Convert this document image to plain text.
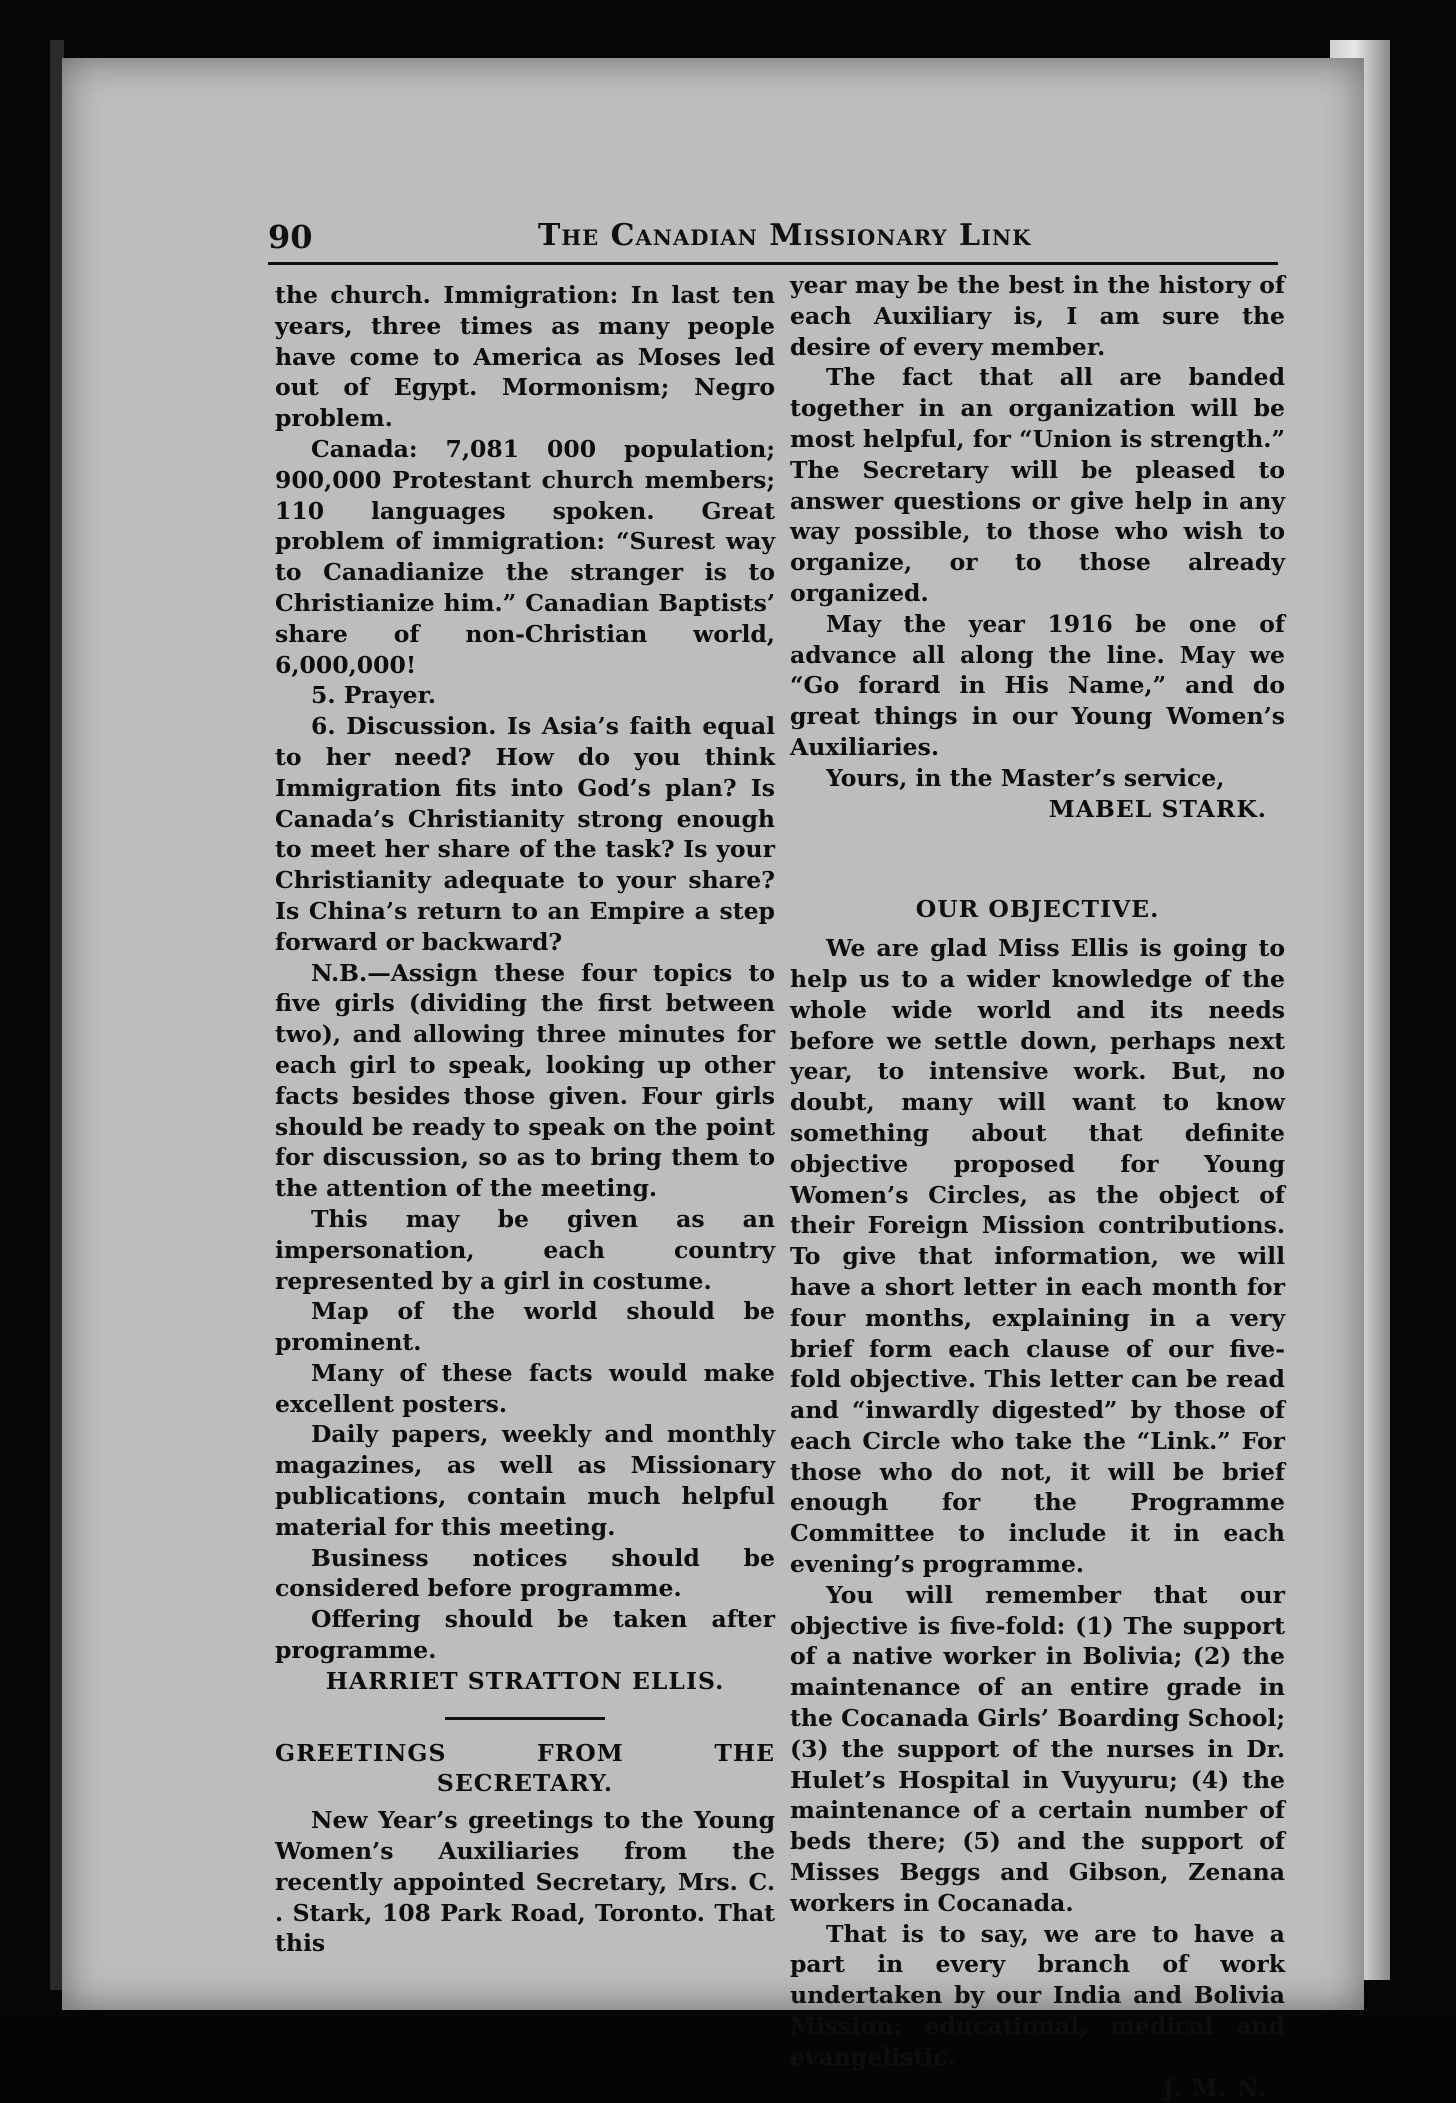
90	The Canadian Missionary Link

the church. Immigration: In last ten years, three times as many people have come to America as Moses led out of Egypt. Mormonism; Negro problem.

Canada: 7,081 000 population; 900,000 Protestant church members; 110 languages spoken. Great problem of immigration: “Surest way to Canadianize the stranger is to Christianize him.” Canadian Baptists’ share of non-Christian world, 6,000,000!

5. Prayer.

6. Discussion. Is Asia’s faith equal to her need? How do you think Immigration fits into God’s plan? Is Canada’s Christianity strong enough to meet her share of the task? Is your Christianity adequate to your share? Is China’s return to an Empire a step forward or backward?

N.B.—Assign these four topics to five girls (dividing the first between two), and allowing three minutes for each girl to speak, looking up other facts besides those given. Four girls should be ready to speak on the point for discussion, so as to bring them to the attention of the meeting.

This may be given as an impersonation, each country represented by a girl in costume.

Map of the world should be prominent.

Many of these facts would make excellent posters.

Daily papers, weekly and monthly magazines, as well as Missionary publications, contain much helpful material for this meeting.

Business notices should be considered before programme.

Offering should be taken after programme.

HARRIET STRATTON ELLIS.

GREETINGS FROM THE SECRETARY.

New Year’s greetings to the Young Women’s Auxiliaries from the recently appointed Secretary, Mrs. C. . Stark, 108 Park Road, Toronto. That this

year may be the best in the history of each Auxiliary is, I am sure the desire of every member.

The fact that all are banded together in an organization will be most helpful, for “Union is strength.” The Secretary will be pleased to answer questions or give help in any way possible, to those who wish to organize, or to those already organized.

May the year 1916 be one of advance all along the line. May we “Go forard in His Name,” and do great things in our Young Women’s Auxiliaries.

Yours, in the Master’s service,

MABEL STARK.

OUR OBJECTIVE.

We are glad Miss Ellis is going to help us to a wider knowledge of the whole wide world and its needs before we settle down, perhaps next year, to intensive work. But, no doubt, many will want to know something about that definite objective proposed for Young Women’s Circles, as the object of their Foreign Mission contributions. To give that information, we will have a short letter in each month for four months, explaining in a very brief form each clause of our five-fold objective. This letter can be read and “inwardly digested” by those of each Circle who take the “Link.” For those who do not, it will be brief enough for the Programme Committee to include it in each evening’s programme.

You will remember that our objective is five-fold: (1) The support of a native worker in Bolivia; (2) the maintenance of an entire grade in the Cocanada Girls’ Boarding School; (3) the support of the nurses in Dr. Hulet’s Hospital in Vuyyuru; (4) the maintenance of a certain number of beds there; (5) and the support of Misses Beggs and Gibson, Zenana workers in Cocanada.

That is to say, we are to have a part in every branch of work undertaken by our India and Bolivia Mission: educational, medical and evangelistic.

J. M. N.
